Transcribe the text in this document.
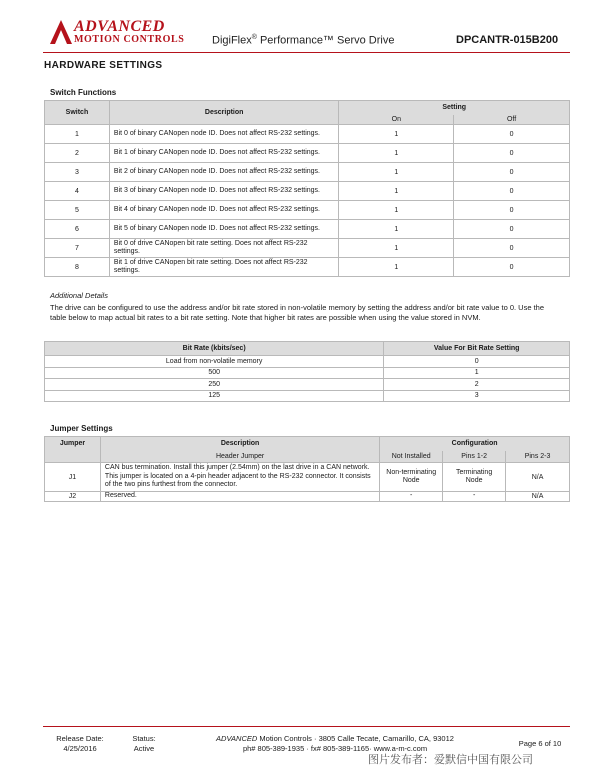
ADVANCED
MOTION CONTROLS	DigiFlex® Performance™ Servo Drive	DPCANTR-015B200
HARDWARE SETTINGS
Switch Functions
Switch	Description	Setting	
		On	Off
1	Bit 0 of binary CANopen node ID. Does not affect RS-232 settings.	1	0
2	Bit 1 of binary CANopen node ID. Does not affect RS-232 settings.	1	0
3	Bit 2 of binary CANopen node ID. Does not affect RS-232 settings.	1	0
4	Bit 3 of binary CANopen node ID. Does not affect RS-232 settings.	1	0
5	Bit 4 of binary CANopen node ID. Does not affect RS-232 settings.	1	0
6	Bit 5 of binary CANopen node ID. Does not affect RS-232 settings.	1	0
7	Bit 0 of drive CANopen bit rate setting. Does not affect RS-232 settings.	1	0
8	Bit 1 of drive CANopen bit rate setting. Does not affect RS-232 settings.	1	0
Additional Details
The drive can be configured to use the address and/or bit rate stored in non-volatile memory by setting the address and/or bit rate value to 0. Use the table below to map actual bit rates to a bit rate setting. Note that higher bit rates are possible when using the value stored in NVM.
Bit Rate (kbits/sec)	Value For Bit Rate Setting
Load from non-volatile memory	0
500	1
250	2
125	3
Jumper Settings
Jumper	Description	Configuration		
	Header Jumper	Not Installed	Pins 1-2	Pins 2-3
J1	CAN bus termination. Install this jumper (2.54mm) on the last drive in a CAN network. This jumper is located on a 4-pin header adjacent to the RS-232 connector. It consists of the two pins furthest from the connector.	Non-terminating Node	Terminating Node	N/A
J2	Reserved.	-	-	N/A
Release Date:
4/25/2016
Status:
Active
ADVANCED Motion Controls · 3805 Calle Tecate, Camarillo, CA, 93012
ph# 805-389-1935 · fx# 805-389-1165· www.a-m-c.com
Page 6 of 10
图片发布者：爱默信中国有限公司
